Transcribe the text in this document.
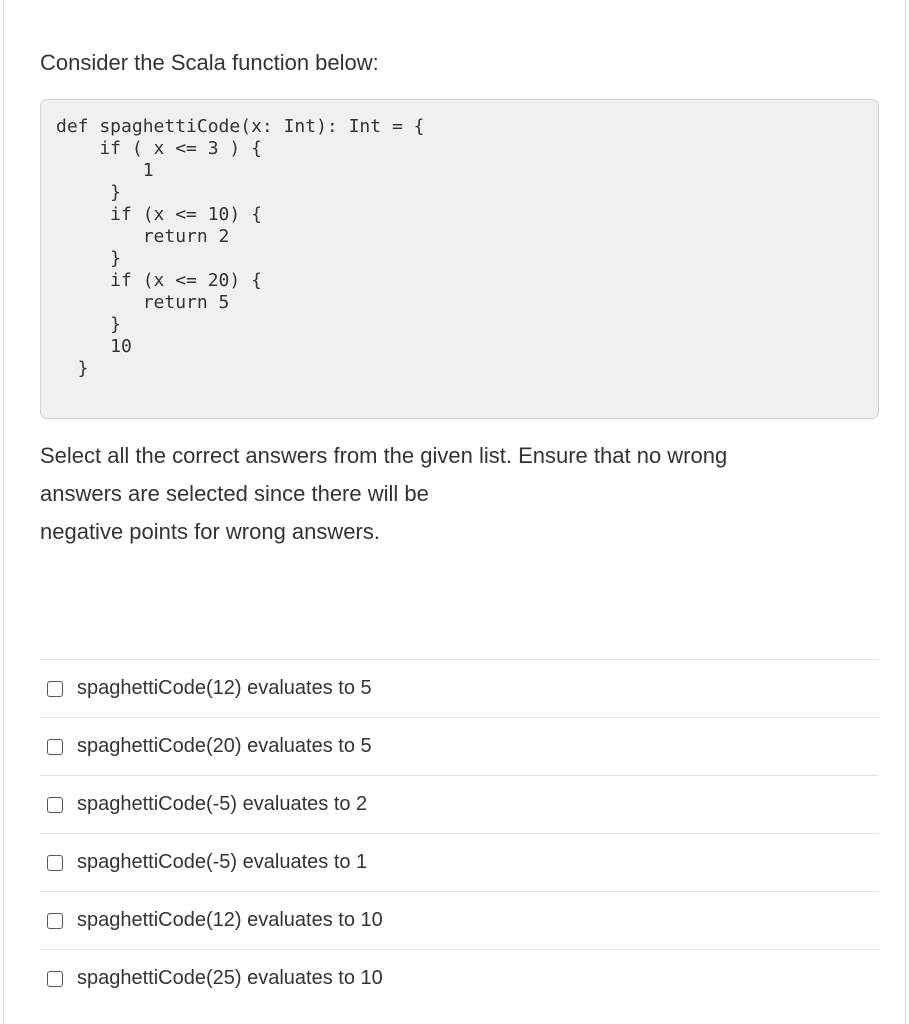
Consider the Scala function below:
def spaghettiCode(x: Int): Int = {
if ( x <= 3 ) {
1
}
if (x <= 10) {
return 2
}
if (x <= 20) {
return 5
}
10
}

Select all the correct answers from the given list. Ensure that no wrong
answers are selected since there will be
negative points for wrong answers.

spaghettiCode(12) evaluates to 5
spaghettiCode(20) evaluates to 5
spaghettiCode(-5) evaluates to 2
spaghettiCode(-5) evaluates to 1
spaghettiCode(12) evaluates to 10
spaghettiCode(25) evaluates to 10
